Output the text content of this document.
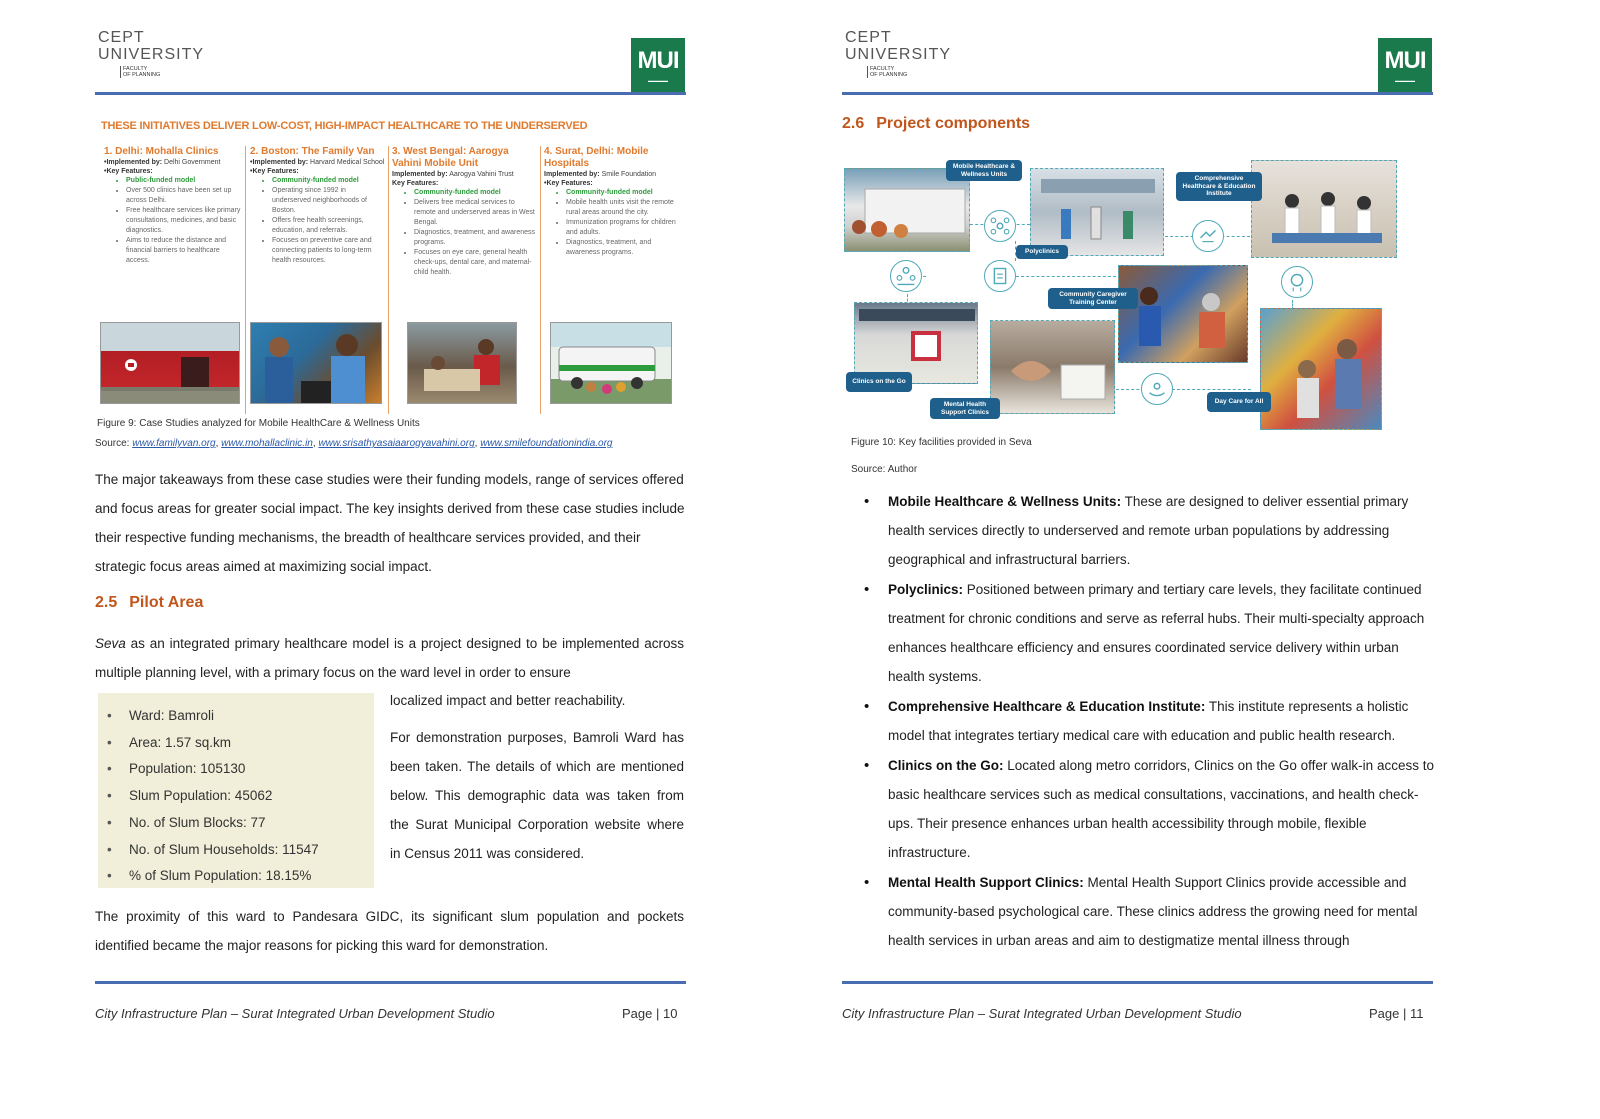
CEPT
UNIVERSITY
FACULTY
OF PLANNING
MUI
▬▬▬▬▬
THESE INITIATIVES DELIVER LOW-COST, HIGH-IMPACT HEALTHCARE TO THE UNDERSERVED
1. Delhi: Mohalla Clinics
•Implemented by: Delhi Government
•Key Features:
• Public-funded model
• Over 500 clinics have been set up across Delhi.
• Free healthcare services like primary consultations, medicines, and basic diagnostics.
• Aims to reduce the distance and financial barriers to healthcare access.
2. Boston: The Family Van
•Implemented by: Harvard Medical School
•Key Features:
• Community-funded model
• Operating since 1992 in underserved neighborhoods of Boston.
• Offers free health screenings, education, and referrals.
• Focuses on preventive care and connecting patients to long-term health resources.
3. West Bengal: Aarogya Vahini Mobile Unit
Implemented by: Aarogya Vahini Trust
Key Features:
• Community-funded model
• Delivers free medical services to remote and underserved areas in West Bengal.
• Diagnostics, treatment, and awareness programs.
• Focuses on eye care, general health check-ups, dental care, and maternal-child health.
4. Surat, Delhi: Mobile Hospitals
Implemented by: Smile Foundation
•Key Features:
• Community-funded model
• Mobile health units visit the remote rural areas around the city.
• Immunization programs for children and adults.
• Diagnostics, treatment, and awareness programs.
Figure 9: Case Studies analyzed for Mobile HealthCare & Wellness Units
Source: www.familyvan.org, www.mohallaclinic.in, www.srisathyasaiaarogyavahini.org, www.smilefoundationindia.org
The major takeaways from these case studies were their funding models, range of services offered and focus areas for greater social impact. The key insights derived from these case studies include their respective funding mechanisms, the breadth of healthcare services provided, and their strategic focus areas aimed at maximizing social impact.
2.5 Pilot Area
Seva as an integrated primary healthcare model is a project designed to be implemented across multiple planning level, with a primary focus on the ward level in order to ensure
localized impact and better reachability.
• Ward: Bamroli
• Area: 1.57 sq.km
• Population: 105130
• Slum Population: 45062
• No. of Slum Blocks: 77
• No. of Slum Households: 11547
• % of Slum Population: 18.15%
For demonstration purposes, Bamroli Ward has been taken. The details of which are mentioned below. This demographic data was taken from the Surat Municipal Corporation website where in Census 2011 was considered.
The proximity of this ward to Pandesara GIDC, its significant slum population and pockets identified became the major reasons for picking this ward for demonstration.
City Infrastructure Plan – Surat Integrated Urban Development Studio	Page | 10
CEPT
UNIVERSITY
FACULTY
OF PLANNING
MUI
▬▬▬▬▬
2.6 Project components
Mobile Healthcare & Wellness Units
Comprehensive Healthcare & Education Institute
Polyclinics
Community Caregiver Training Center
Clinics on the Go
Mental Health Support Clinics
Day Care for All
Figure 10: Key facilities provided in Seva
Source: Author
• Mobile Healthcare & Wellness Units: These are designed to deliver essential primary health services directly to underserved and remote urban populations by addressing geographical and infrastructural barriers.
• Polyclinics: Positioned between primary and tertiary care levels, they facilitate continued treatment for chronic conditions and serve as referral hubs. Their multi-specialty approach enhances healthcare efficiency and ensures coordinated service delivery within urban health systems.
• Comprehensive Healthcare & Education Institute: This institute represents a holistic model that integrates tertiary medical care with education and public health research.
• Clinics on the Go: Located along metro corridors, Clinics on the Go offer walk-in access to basic healthcare services such as medical consultations, vaccinations, and health check-ups. Their presence enhances urban health accessibility through mobile, flexible infrastructure.
• Mental Health Support Clinics: Mental Health Support Clinics provide accessible and community-based psychological care. These clinics address the growing need for mental health services in urban areas and aim to destigmatize mental illness through
City Infrastructure Plan – Surat Integrated Urban Development Studio	Page | 11
